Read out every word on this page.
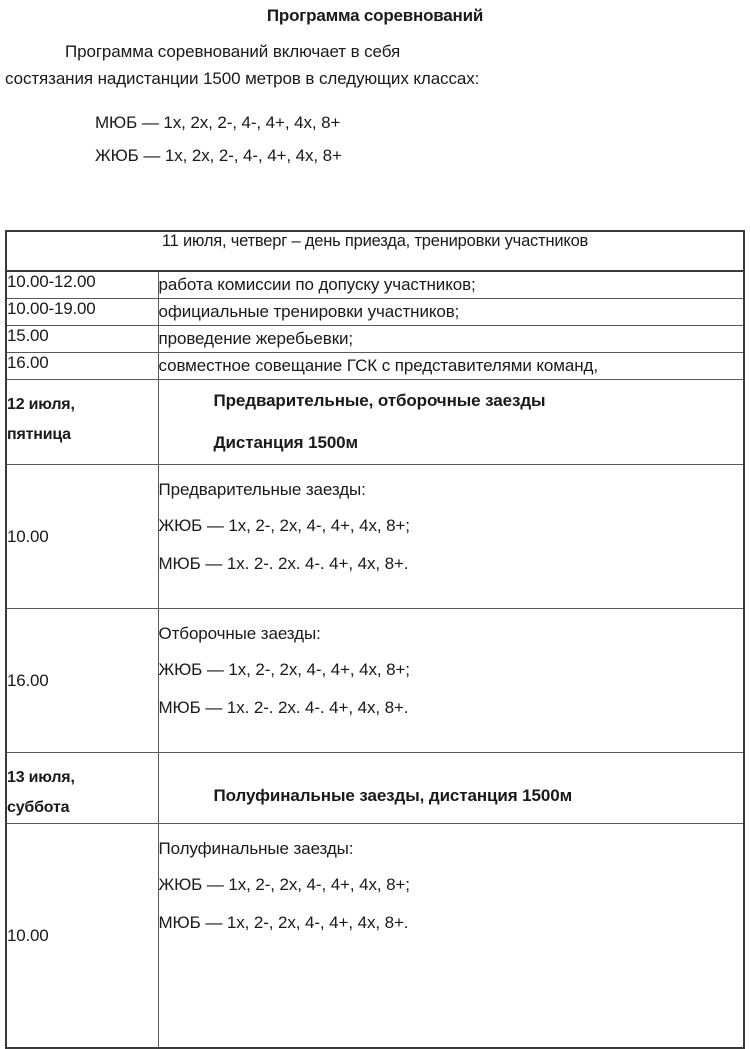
Программа соревнований

Программа соревнований включает в себя
состязания надистанции 1500 метров в следующих классах:

МЮБ — 1х, 2х, 2-, 4-, 4+, 4х, 8+
ЖЮБ — 1х, 2х, 2-, 4-, 4+, 4х, 8+
11 июля, четверг – день приезда, тренировки участников	
10.00-12.00	работа комиссии по допуску участников;
10.00-19.00	официальные тренировки участников;
15.00	проведение жеребьевки;
16.00	совместное совещание ГСК с представителями команд,
12 июля,
пятница	Предварительные, отборочные заезды
Дистанция 1500м

10.00	Предварительные заезды:
ЖЮБ — 1х, 2-, 2х, 4-, 4+, 4х, 8+;
МЮБ — 1х. 2-. 2х. 4-. 4+, 4х, 8+.

16.00	Отборочные заезды:
ЖЮБ — 1х, 2-, 2х, 4-, 4+, 4х, 8+;
МЮБ — 1х. 2-. 2х. 4-. 4+, 4х, 8+.

13 июля,
суббота	Полуфинальные заезды, дистанция 1500м
10.00	Полуфинальные заезды:
ЖЮБ — 1х, 2-, 2х, 4-, 4+, 4х, 8+;
МЮБ — 1х, 2-, 2х, 4-, 4+, 4х, 8+.
